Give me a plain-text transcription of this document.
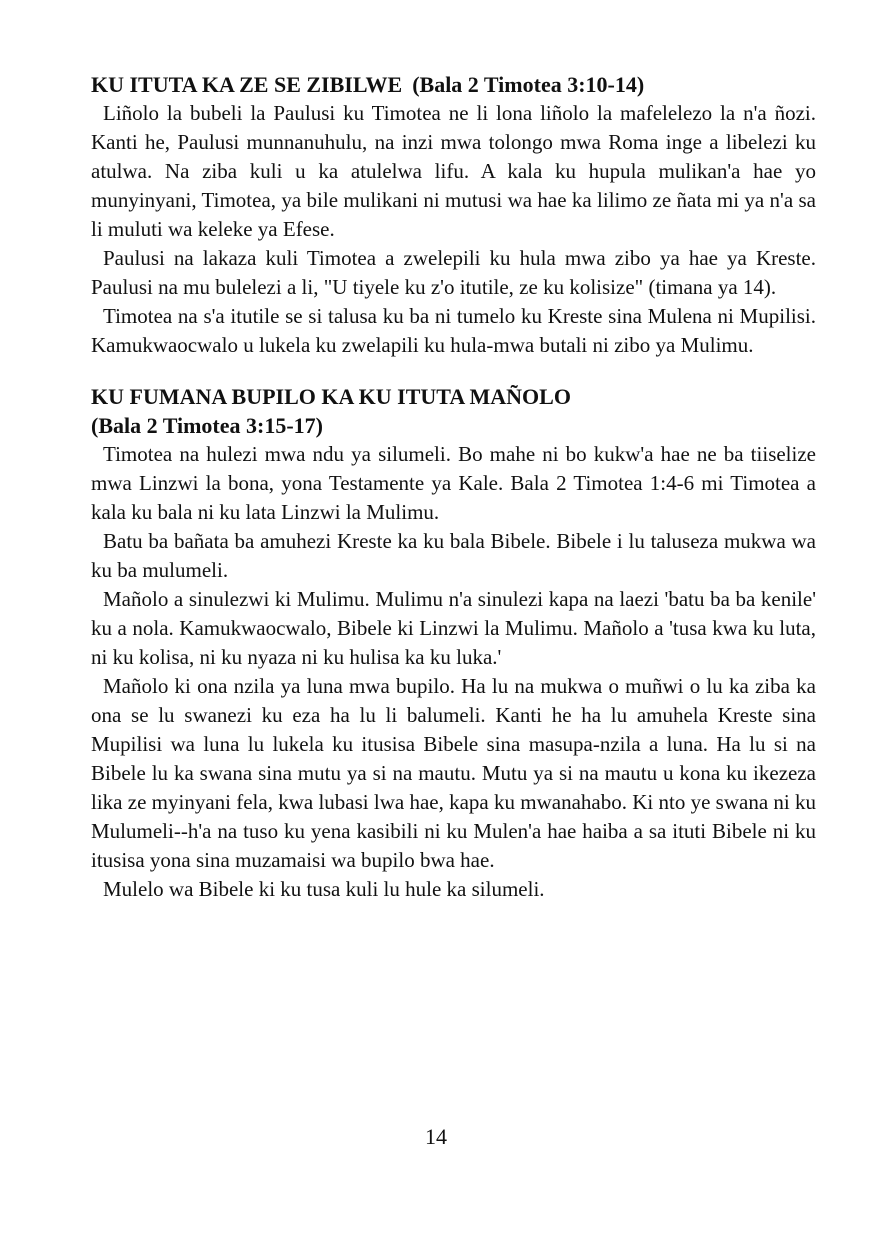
KU ITUTA KA ZE SE ZIBILWE (Bala 2 Timotea 3:10-14)

Liñolo la bubeli la Paulusi ku Timotea ne li lona liñolo la mafelelezo la n'a ñozi. Kanti he, Paulusi munnanuhulu, na inzi mwa tolongo mwa Roma inge a libelezi ku atulwa. Na ziba kuli u ka atulelwa lifu. A kala ku hupula mulikan'a hae yo munyinyani, Timotea, ya bile mulikani ni mutusi wa hae ka lilimo ze ñata mi ya n'a sa li muluti wa keleke ya Efese.

Paulusi na lakaza kuli Timotea a zwelepili ku hula mwa zibo ya hae ya Kreste. Paulusi na mu bulelezi a li, "U tiyele ku z'o itutile, ze ku kolisize" (timana ya 14).

Timotea na s'a itutile se si talusa ku ba ni tumelo ku Kreste sina Mulena ni Mupilisi. Kamukwaocwalo u lukela ku zwelapili ku hula-mwa butali ni zibo ya Mulimu.

KU FUMANA BUPILO KA KU ITUTA MAÑOLO

(Bala 2 Timotea 3:15-17)

Timotea na hulezi mwa ndu ya silumeli. Bo mahe ni bo kukw'a hae ne ba tiiselize mwa Linzwi la bona, yona Testamente ya Kale. Bala 2 Timotea 1:4-6 mi Timotea a kala ku bala ni ku lata Linzwi la Mulimu.

Batu ba bañata ba amuhezi Kreste ka ku bala Bibele. Bibele i lu taluseza mukwa wa ku ba mulumeli.

Mañolo a sinulezwi ki Mulimu. Mulimu n'a sinulezi kapa na laezi 'batu ba ba kenile' ku a nola. Kamukwaocwalo, Bibele ki Linzwi la Mulimu. Mañolo a 'tusa kwa ku luta, ni ku kolisa, ni ku nyaza ni ku hulisa ka ku luka.'

Mañolo ki ona nzila ya luna mwa bupilo. Ha lu na mukwa o muñwi o lu ka ziba ka ona se lu swanezi ku eza ha lu li balumeli. Kanti he ha lu amuhela Kreste sina Mupilisi wa luna lu lukela ku itusisa Bibele sina masupa-nzila a luna. Ha lu si na Bibele lu ka swana sina mutu ya si na mautu. Mutu ya si na mautu u kona ku ikezeza lika ze myinyani fela, kwa lubasi lwa hae, kapa ku mwanahabo. Ki nto ye swana ni ku Mulumeli--h'a na tuso ku yena kasibili ni ku Mulen'a hae haiba a sa ituti Bibele ni ku itusisa yona sina muzamaisi wa bupilo bwa hae.

Mulelo wa Bibele ki ku tusa kuli lu hule ka silumeli.

14
